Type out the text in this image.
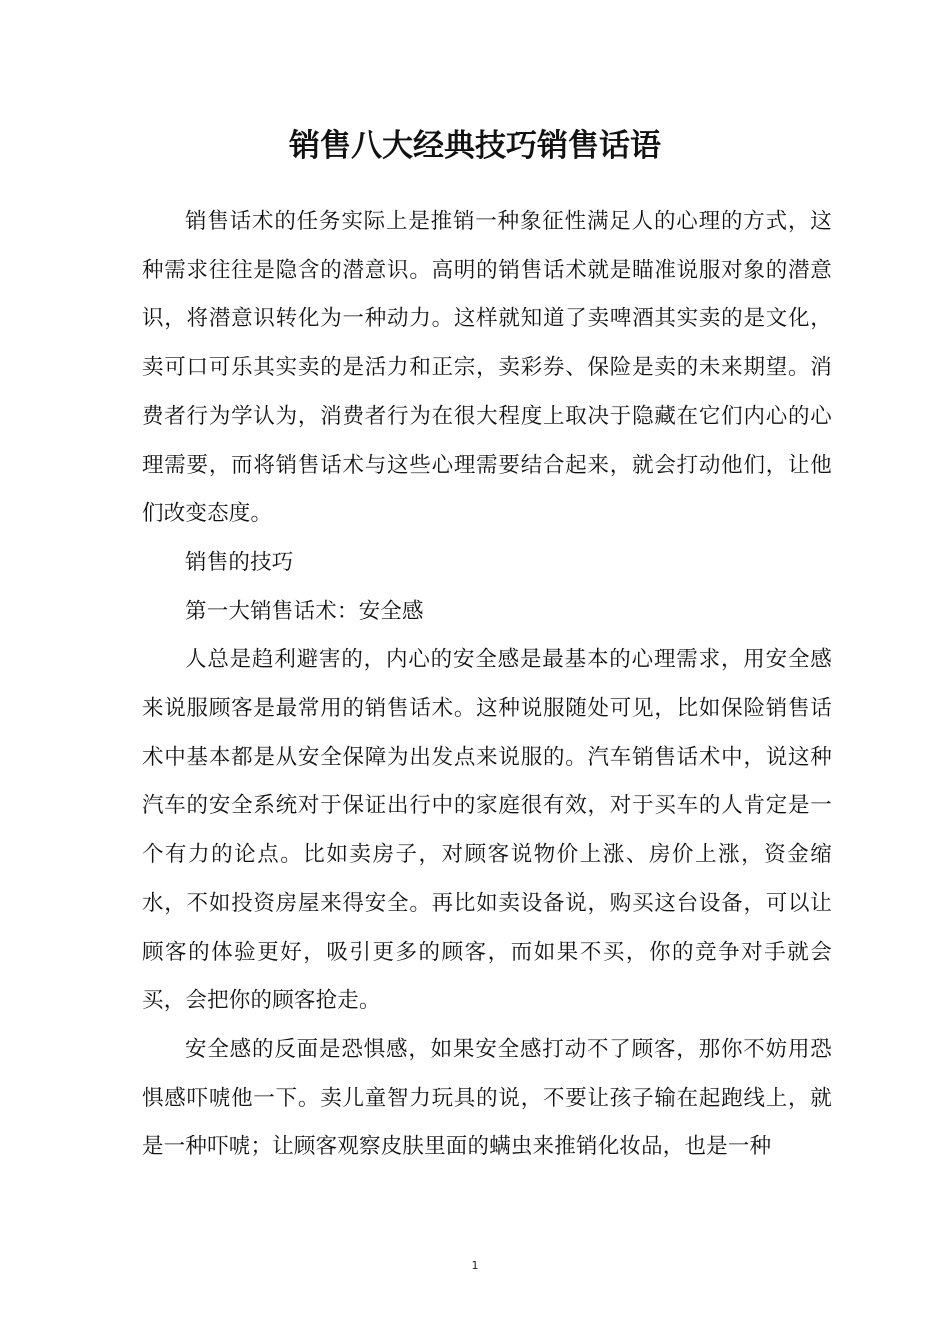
销售八大经典技巧销售话语

销售话术的任务实际上是推销一种象征性满足人的心理的方式，这种需求往往是隐含的潜意识。高明的销售话术就是瞄准说服对象的潜意识，将潜意识转化为一种动力。这样就知道了卖啤酒其实卖的是文化，卖可口可乐其实卖的是活力和正宗，卖彩券、保险是卖的未来期望。消费者行为学认为，消费者行为在很大程度上取决于隐藏在它们内心的心理需要，而将销售话术与这些心理需要结合起来，就会打动他们，让他们改变态度。

销售的技巧

第一大销售话术：安全感

人总是趋利避害的，内心的安全感是最基本的心理需求，用安全感来说服顾客是最常用的销售话术。这种说服随处可见，比如保险销售话术中基本都是从安全保障为出发点来说服的。汽车销售话术中，说这种汽车的安全系统对于保证出行中的家庭很有效，对于买车的人肯定是一个有力的论点。比如卖房子，对顾客说物价上涨、房价上涨，资金缩水，不如投资房屋来得安全。再比如卖设备说，购买这台设备，可以让顾客的体验更好，吸引更多的顾客，而如果不买，你的竞争对手就会买，会把你的顾客抢走。

安全感的反面是恐惧感，如果安全感打动不了顾客，那你不妨用恐惧感吓唬他一下。卖儿童智力玩具的说，不要让孩子输在起跑线上，就是一种吓唬；让顾客观察皮肤里面的螨虫来推销化妆品，也是一种

1
